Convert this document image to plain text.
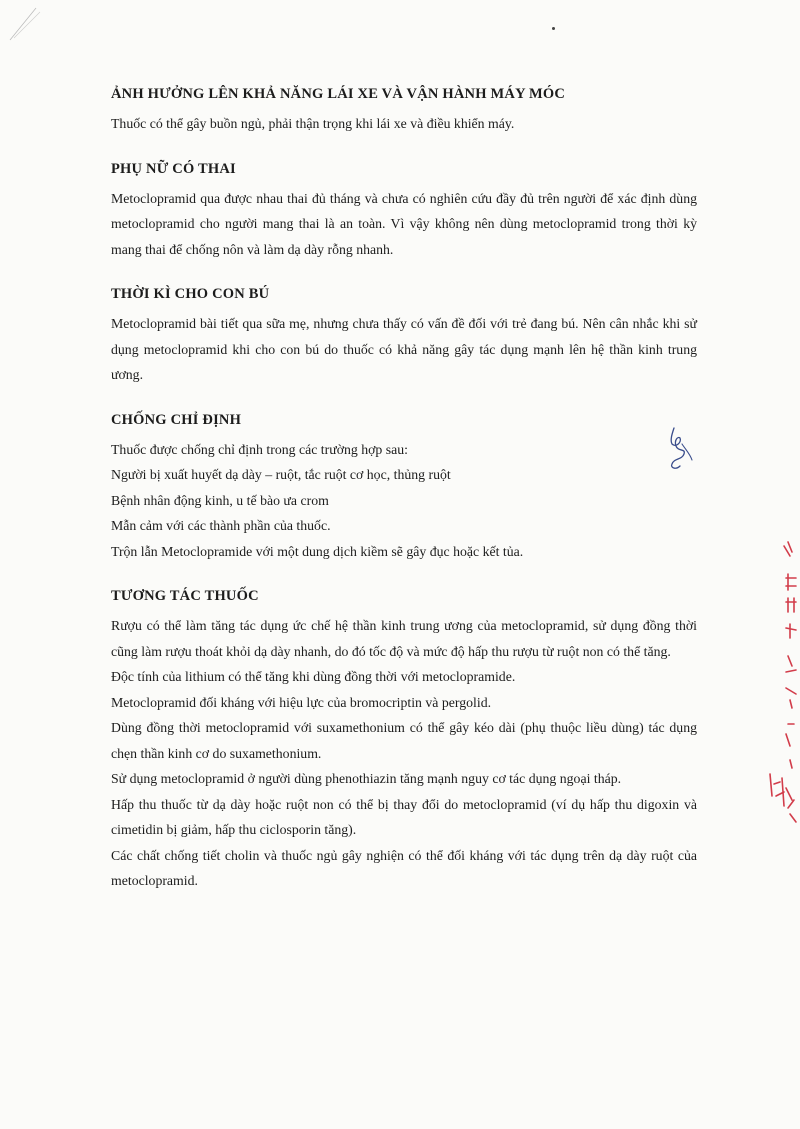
ẢNH HƯỞNG LÊN KHẢ NĂNG LÁI XE VÀ VẬN HÀNH MÁY MÓC
Thuốc có thể gây buồn ngủ, phải thận trọng khi lái xe và điều khiển máy.
PHỤ NỮ CÓ THAI

Metoclopramid qua được nhau thai đủ tháng và chưa có nghiên cứu đầy đủ trên người để xác định dùng metoclopramid cho người mang thai là an toàn. Vì vậy không nên dùng metoclopramid trong thời kỳ mang thai để chống nôn và làm dạ dày rỗng nhanh.

THỜI KÌ CHO CON BÚ

Metoclopramid bài tiết qua sữa mẹ, nhưng chưa thấy có vấn đề đối với trẻ đang bú. Nên cân nhắc khi sử dụng metoclopramid khi cho con bú do thuốc có khả năng gây tác dụng mạnh lên hệ thần kinh trung ương.

CHỐNG CHỈ ĐỊNH
Thuốc được chống chỉ định trong các trường hợp sau:
Người bị xuất huyết dạ dày – ruột, tắc ruột cơ học, thủng ruột
Bệnh nhân động kinh, u tế bào ưa crom
Mẫn cảm với các thành phần của thuốc.
Trộn lẫn Metoclopramide với một dung dịch kiềm sẽ gây đục hoặc kết tủa.
TƯƠNG TÁC THUỐC

Rượu có thể làm tăng tác dụng ức chế hệ thần kinh trung ương của metoclopramid, sử dụng đồng thời cũng làm rượu thoát khỏi dạ dày nhanh, do đó tốc độ và mức độ hấp thu rượu từ ruột non có thể tăng.

Độc tính của lithium có thể tăng khi dùng đồng thời với metoclopramide.

Metoclopramid đối kháng với hiệu lực của bromocriptin và pergolid.

Dùng đồng thời metoclopramid với suxamethonium có thể gây kéo dài (phụ thuộc liều dùng) tác dụng chẹn thần kinh cơ do suxamethonium.

Sử dụng metoclopramid ở người dùng phenothiazin tăng mạnh nguy cơ tác dụng ngoại tháp.

Hấp thu thuốc từ dạ dày hoặc ruột non có thể bị thay đổi do metoclopramid (ví dụ hấp thu digoxin và cimetidin bị giảm, hấp thu ciclosporin tăng).

Các chất chống tiết cholin và thuốc ngủ gây nghiện có thể đối kháng với tác dụng trên dạ dày ruột của metoclopramid.
